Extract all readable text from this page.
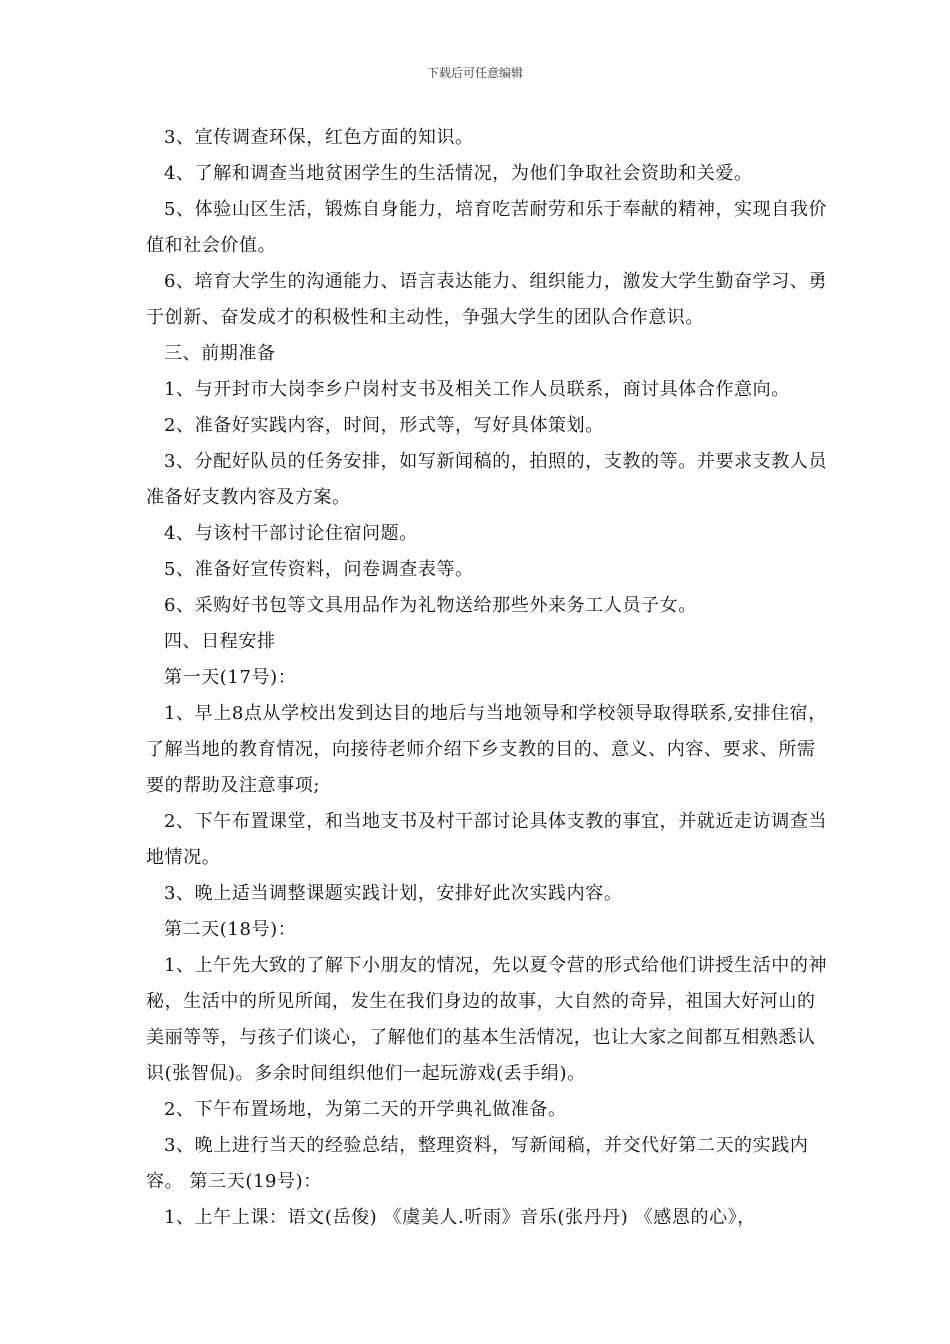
下载后可任意编辑

3、宣传调查环保，红色方面的知识。

4、了解和调查当地贫困学生的生活情况，为他们争取社会资助和关爱。

5、体验山区生活，锻炼自身能力，培育吃苦耐劳和乐于奉献的精神，实现自我价值和社会价值。

6、培育大学生的沟通能力、语言表达能力、组织能力，激发大学生勤奋学习、勇于创新、奋发成才的积极性和主动性，争强大学生的团队合作意识。

三、前期准备

1、与开封市大岗李乡户岗村支书及相关工作人员联系，商讨具体合作意向。

2、准备好实践内容，时间，形式等，写好具体策划。

3、分配好队员的任务安排，如写新闻稿的，拍照的，支教的等。并要求支教人员准备好支教内容及方案。

4、与该村干部讨论住宿问题。

5、准备好宣传资料，问卷调查表等。

6、采购好书包等文具用品作为礼物送给那些外来务工人员子女。

四、日程安排

第一天(17号)：

1、早上8点从学校出发到达目的地后与当地领导和学校领导取得联系,安排住宿，了解当地的教育情况，向接待老师介绍下乡支教的目的、意义、内容、要求、所需要的帮助及注意事项;

2、下午布置课堂，和当地支书及村干部讨论具体支教的事宜，并就近走访调查当地情况。

3、晚上适当调整课题实践计划，安排好此次实践内容。

第二天(18号)：

1、上午先大致的了解下小朋友的情况，先以夏令营的形式给他们讲授生活中的神秘，生活中的所见所闻，发生在我们身边的故事，大自然的奇异，祖国大好河山的美丽等等，与孩子们谈心，了解他们的基本生活情况，也让大家之间都互相熟悉认识(张智侃)。多余时间组织他们一起玩游戏(丢手绢)。

2、下午布置场地，为第二天的开学典礼做准备。

3、晚上进行当天的经验总结，整理资料，写新闻稿，并交代好第二天的实践内容。 第三天(19号)：

1、上午上课：语文(岳俊) 《虞美人.听雨》音乐(张丹丹) 《感恩的心》，
